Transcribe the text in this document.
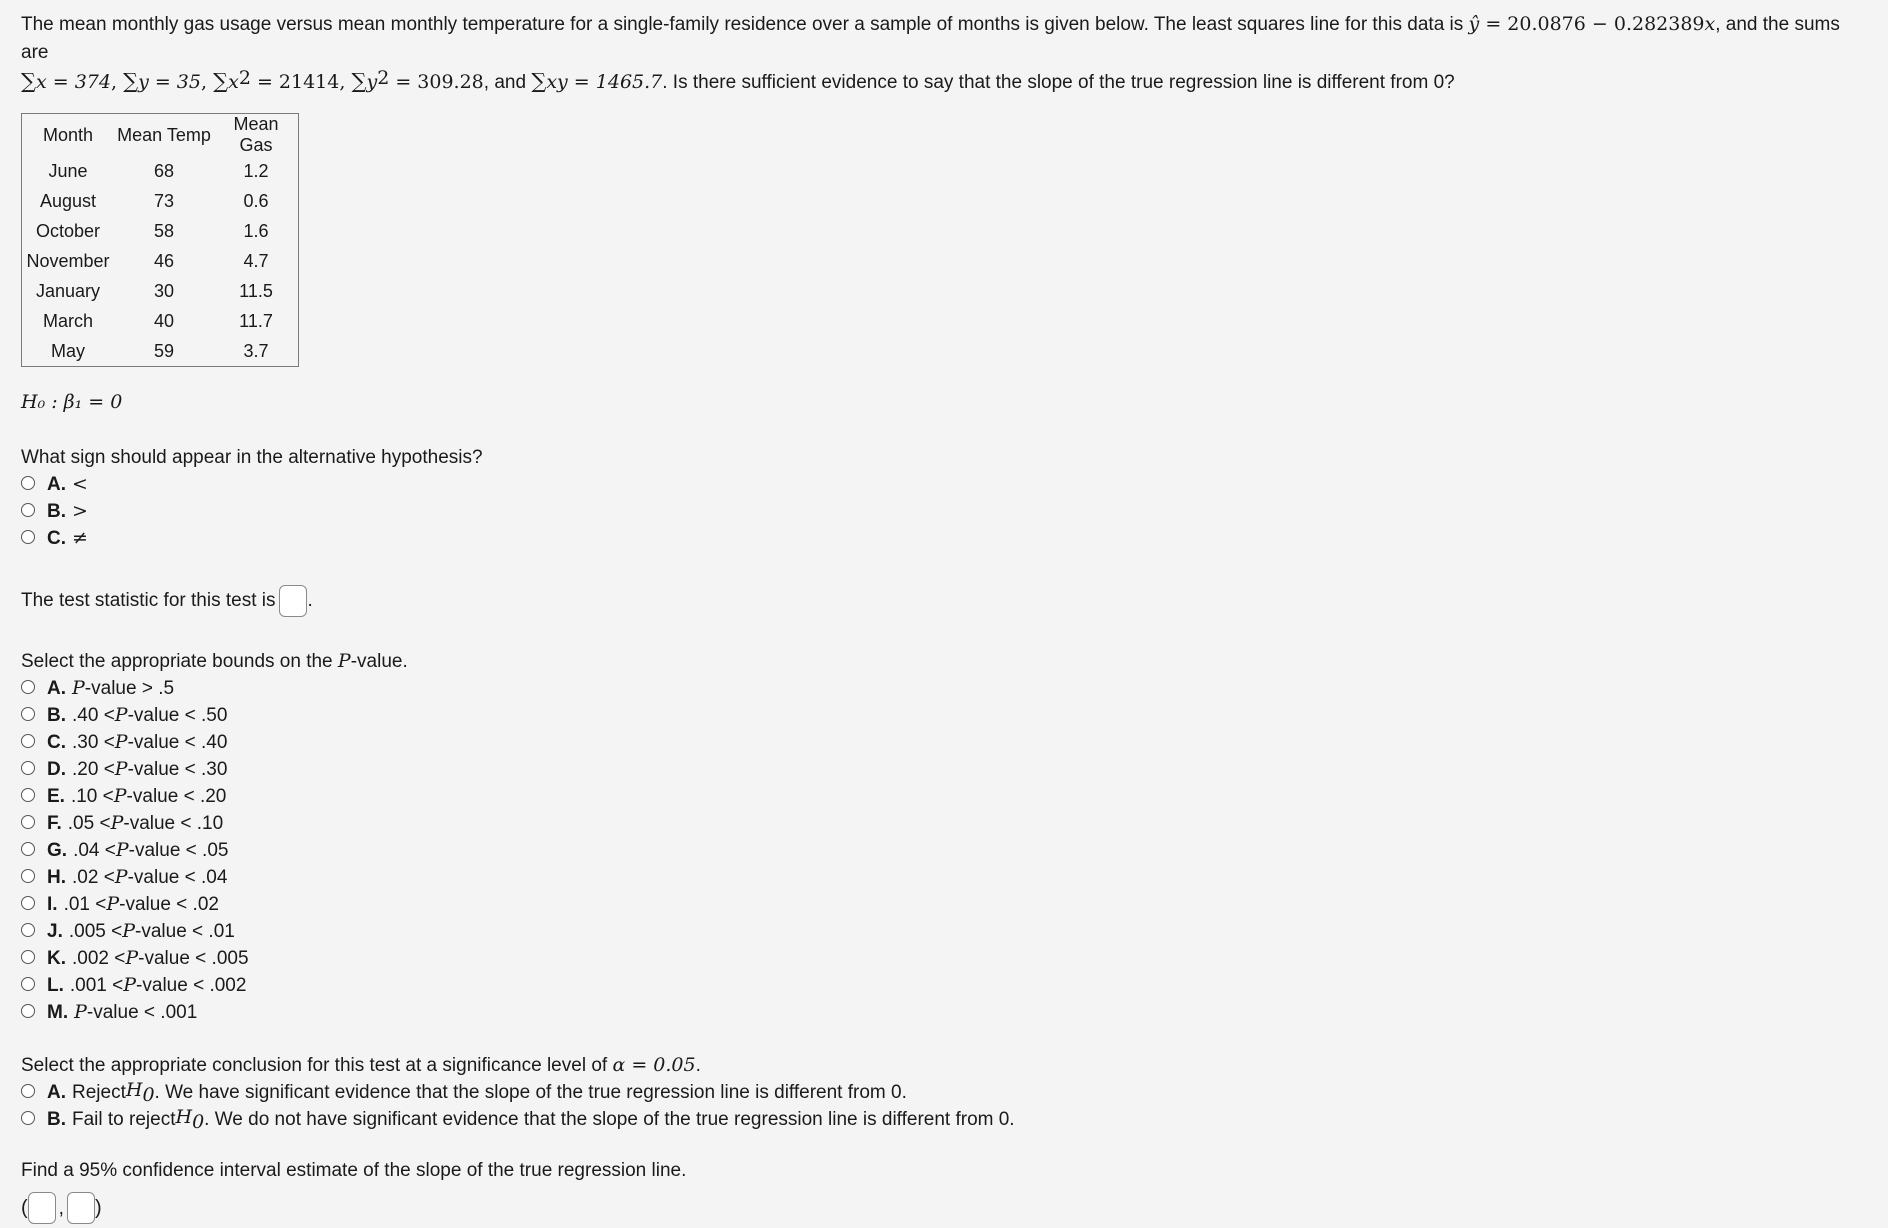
The mean monthly gas usage versus mean monthly temperature for a single-family residence over a sample of months is given below. The least squares line for this data is ŷ = 20.0876 − 0.282389x, and the sums are
∑x = 374, ∑y = 35, $\sum x^2 = 21414$, $\sum y^2 = 309.28$, and ∑xy = 1465.7. Is there sufficient evidence to say that the slope of the true regression line is different from 0?

Month	Mean Temp	Mean Gas
June	68	1.2
August	73	0.6
October	58	1.6
November	46	4.7
January	30	11.5
March	40	11.7
May	59	3.7
H₀ : β₁ = 0
What sign should appear in the alternative hypothesis?
A. <
B. >
C. ≠
The test statistic for this test is .
Select the appropriate bounds on the P-value.
A. P -value > .5
B. .40 < P -value < .50
C. .30 < P -value < .40
D. .20 < P -value < .30
E. .10 < P -value < .20
F. .05 < P -value < .10
G. .04 < P -value < .05
H. .02 < P -value < .04
I. .01 < P -value < .02
J. .005 < P -value < .01
K. .002 < P -value < .005
L. .001 < P -value < .002
M. P -value < .001
Select the appropriate conclusion for this test at a significance level of α = 0.05.
A. Reject $H_0$ . We have significant evidence that the slope of the true regression line is different from 0.
B. Fail to reject $H_0$ . We do not have significant evidence that the slope of the true regression line is different from 0.
Find a 95% confidence interval estimate of the slope of the true regression line.
( , )
